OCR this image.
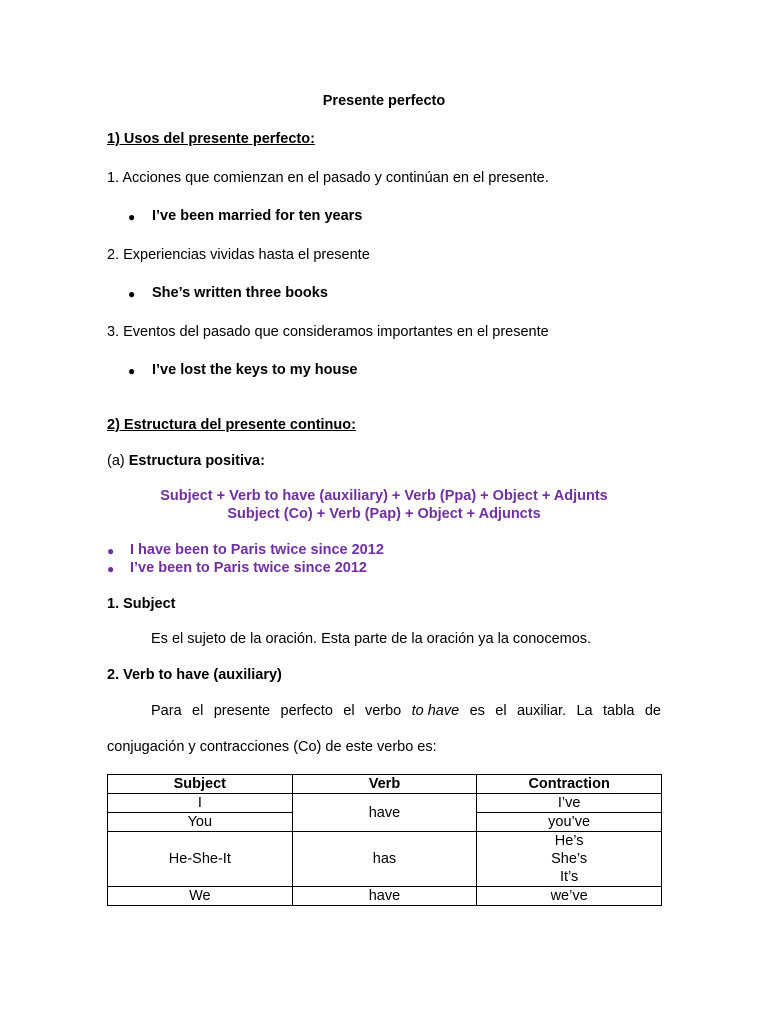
Presente perfecto
1) Usos del presente perfecto:
1. Acciones que comienzan en el pasado y continúan en el presente.
● I’ve been married for ten years
2. Experiencias vividas hasta el presente
● She’s written three books
3. Eventos del pasado que consideramos importantes en el presente
● I’ve lost the keys to my house
2) Estructura del presente continuo:
(a) Estructura positiva:
Subject + Verb to have (auxiliary) + Verb (Ppa) + Object + Adjunts
Subject (Co) + Verb (Pap) + Object + Adjuncts
● I have been to Paris twice since 2012
● I’ve been to Paris twice since 2012
1. Subject
Es el sujeto de la oración. Esta parte de la oración ya la conocemos.
2. Verb to have (auxiliary)
Para el presente perfecto el verbo to have es el auxiliar. La tabla de
conjugación y contracciones (Co) de este verbo es:
Subject	Verb	Contraction
I	have	I’ve
You		you’ve
He-She-It	has	He’s
She’s
It’s

We	have	we’ve
